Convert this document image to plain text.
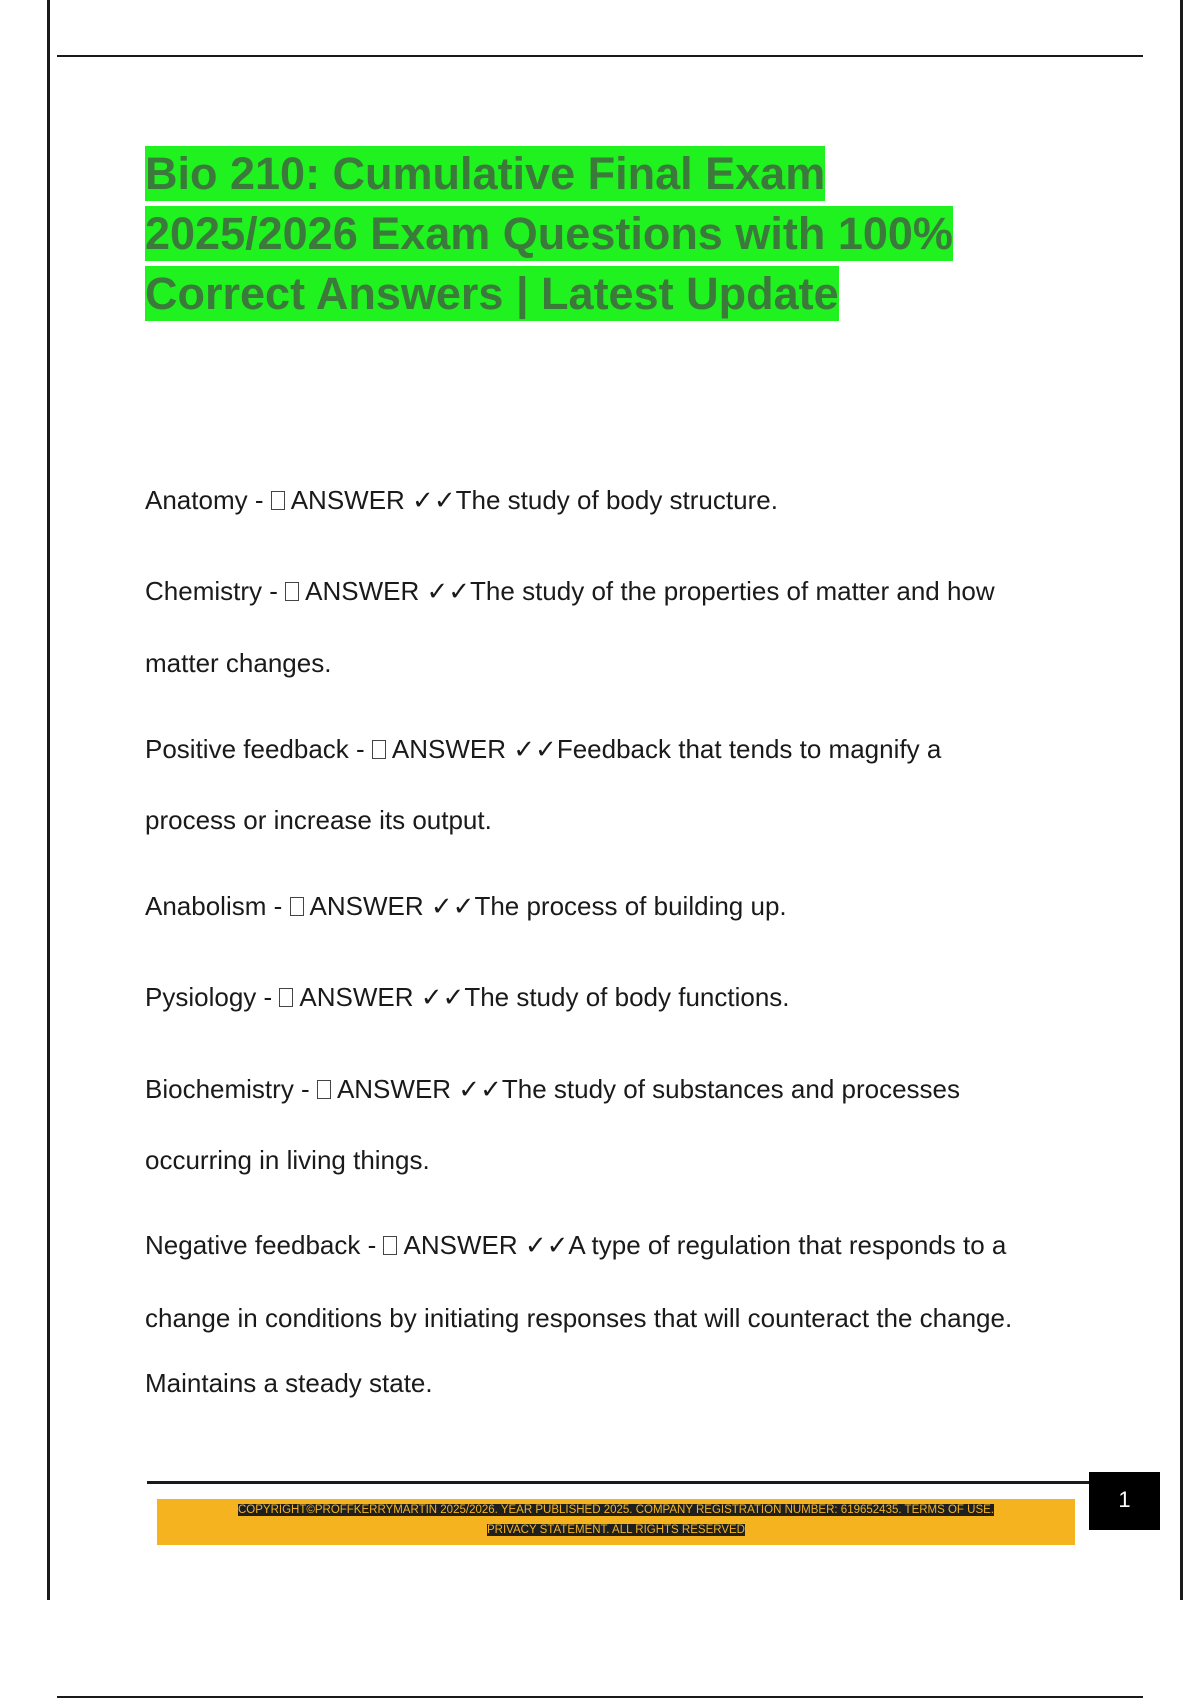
Bio 210: Cumulative Final Exam
2025/2026 Exam Questions with 100%
Correct Answers | Latest Update
Anatomy - ANSWER ✓✓The study of body structure.
Chemistry - ANSWER ✓✓The study of the properties of matter and how
matter changes.
Positive feedback - ANSWER ✓✓Feedback that tends to magnify a
process or increase its output.
Anabolism - ANSWER ✓✓The process of building up.
Pysiology - ANSWER ✓✓The study of body functions.
Biochemistry - ANSWER ✓✓The study of substances and processes
occurring in living things.
Negative feedback - ANSWER ✓✓A type of regulation that responds to a
change in conditions by initiating responses that will counteract the change.
Maintains a steady state.
COPYRIGHT©PROFFKERRYMARTIN 2025/2026. YEAR PUBLISHED 2025. COMPANY REGISTRATION NUMBER: 619652435. TERMS OF USE.
PRIVACY STATEMENT. ALL RIGHTS RESERVED
1
